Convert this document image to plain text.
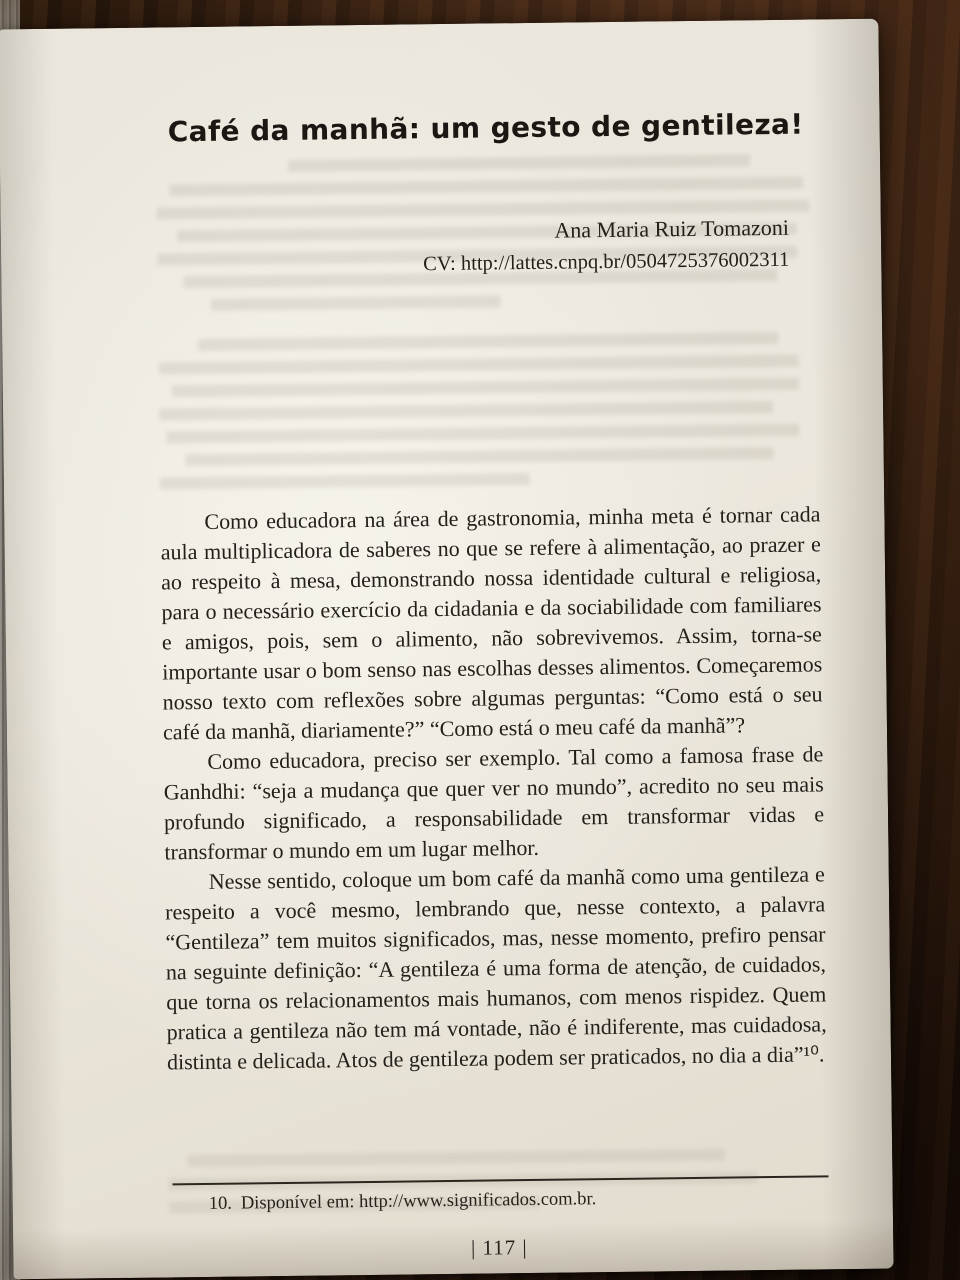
Café da manhã: um gesto de gentileza!
Ana Maria Ruiz Tomazoni
CV: http://lattes.cnpq.br/0504725376002311

Como educadora na área de gastronomia, minha meta é tornar cada aula multiplicadora de saberes no que se refere à alimentação, ao prazer e ao respeito à mesa, demonstrando nossa identidade cultural e religiosa, para o necessário exercício da cidadania e da sociabilidade com familiares e amigos, pois, sem o alimento, não sobrevivemos. Assim, torna-se importante usar o bom senso nas escolhas desses alimentos. Começaremos nosso texto com reflexões sobre algumas perguntas: “Como está o seu café da manhã, diariamente?” “Como está o meu café da manhã”?

Como educadora, preciso ser exemplo. Tal como a famosa frase de Ganhdhi: “seja a mudança que quer ver no mundo”, acredito no seu mais profundo significado, a responsabilidade em transformar vidas e transformar o mundo em um lugar melhor.

Nesse sentido, coloque um bom café da manhã como uma gentileza e respeito a você mesmo, lembrando que, nesse contexto, a palavra “Gentileza” tem muitos significados, mas, nesse momento, prefiro pensar na seguinte definição: “A gentileza é uma forma de atenção, de cuidados, que torna os relacionamentos mais humanos, com menos rispidez. Quem pratica a gentileza não tem má vontade, não é indiferente, mas cuidadosa, distinta e delicada. Atos de gentileza podem ser praticados, no dia a dia”¹⁰.

10. Disponível em: http://www.significados.com.br.
| 117 |
